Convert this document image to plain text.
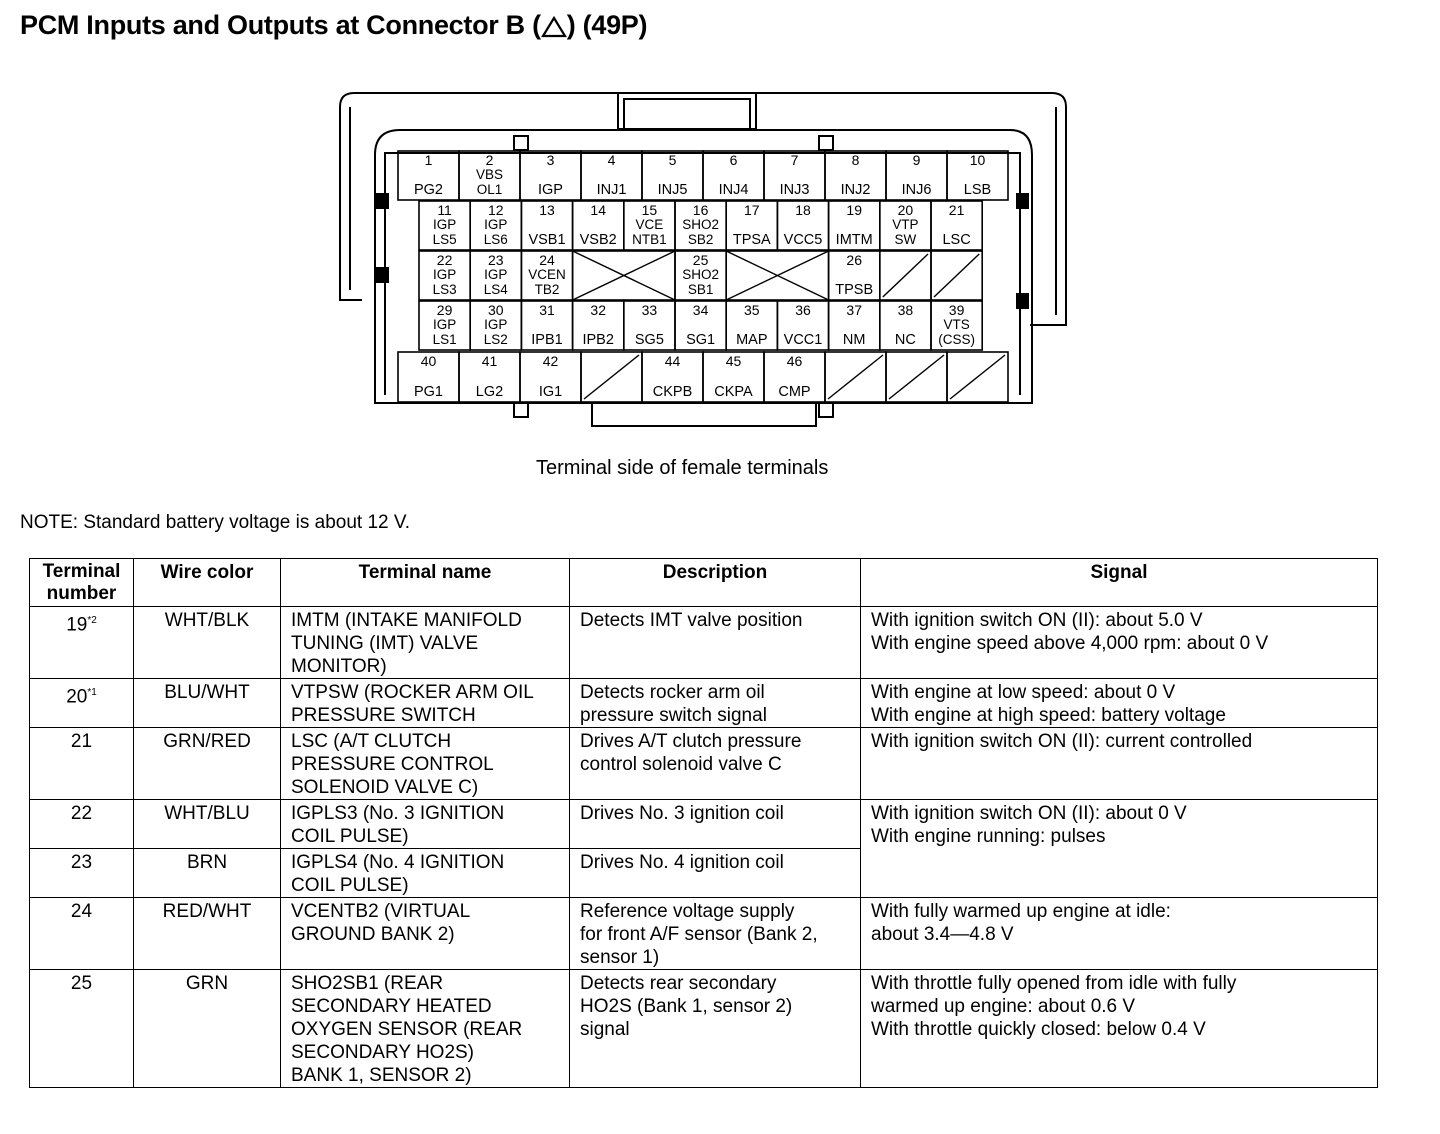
PCM Inputs and Outputs at Connector B ( ) (49P)
1
PG2
2
VBS
OL1
3
IGP
4
INJ1
5
INJ5
6
INJ4
7
INJ3
8
INJ2
9
INJ6
10
LSB
11
IGP
LS5
12
IGP
LS6
13
VSB1
14
VSB2
15
VCE
NTB1
16
SHO2
SB2
17
TPSA
18
VCC5
19
IMTM
20
VTP
SW
21
LSC
22
IGP
LS3
23
IGP
LS4
24
VCEN
TB2
25
SHO2
SB1
26
TPSB
29
IGP
LS1
30
IGP
LS2
31
IPB1
32
IPB2
33
SG5
34
SG1
35
MAP
36
VCC1
37
NM
38
NC
39
VTS
(CSS)
40
PG1
41
LG2
42
IG1
44
CKPB
45
CKPA
46
CMP
Terminal side of female terminals
NOTE: Standard battery voltage is about 12 V.
Terminal
number	Wire color	Terminal name	Description	Signal
19$^{*2}$	WHT/BLK	IMTM (INTAKE MANIFOLD
TUNING (IMT) VALVE
MONITOR)	Detects IMT valve position	With ignition switch ON (II): about 5.0 V
With engine speed above 4,000 rpm: about 0 V

20$^{*1}$	BLU/WHT	VTPSW (ROCKER ARM OIL
PRESSURE SWITCH	Detects rocker arm oil
pressure switch signal	With engine at low speed: about 0 V
With engine at high speed: battery voltage

21	GRN/RED	LSC (A/T CLUTCH
PRESSURE CONTROL
SOLENOID VALVE C)	Drives A/T clutch pressure
control solenoid valve C	With ignition switch ON (II): current controlled

22	WHT/BLU	IGPLS3 (No. 3 IGNITION
COIL PULSE)	Drives No. 3 ignition coil	With ignition switch ON (II): about 0 V
With engine running: pulses

23	BRN	IGPLS4 (No. 4 IGNITION
COIL PULSE)	Drives No. 4 ignition coil	

24	RED/WHT	VCENTB2 (VIRTUAL
GROUND BANK 2)	Reference voltage supply
for front A/F sensor (Bank 2,
sensor 1)	With fully warmed up engine at idle:
about 3.4—4.8 V

25	GRN	SHO2SB1 (REAR
SECONDARY HEATED
OXYGEN SENSOR (REAR
SECONDARY HO2S)
BANK 1, SENSOR 2)	Detects rear secondary
HO2S (Bank 1, sensor 2)
signal	With throttle fully opened from idle with fully
warmed up engine: about 0.6 V
With throttle quickly closed: below 0.4 V
